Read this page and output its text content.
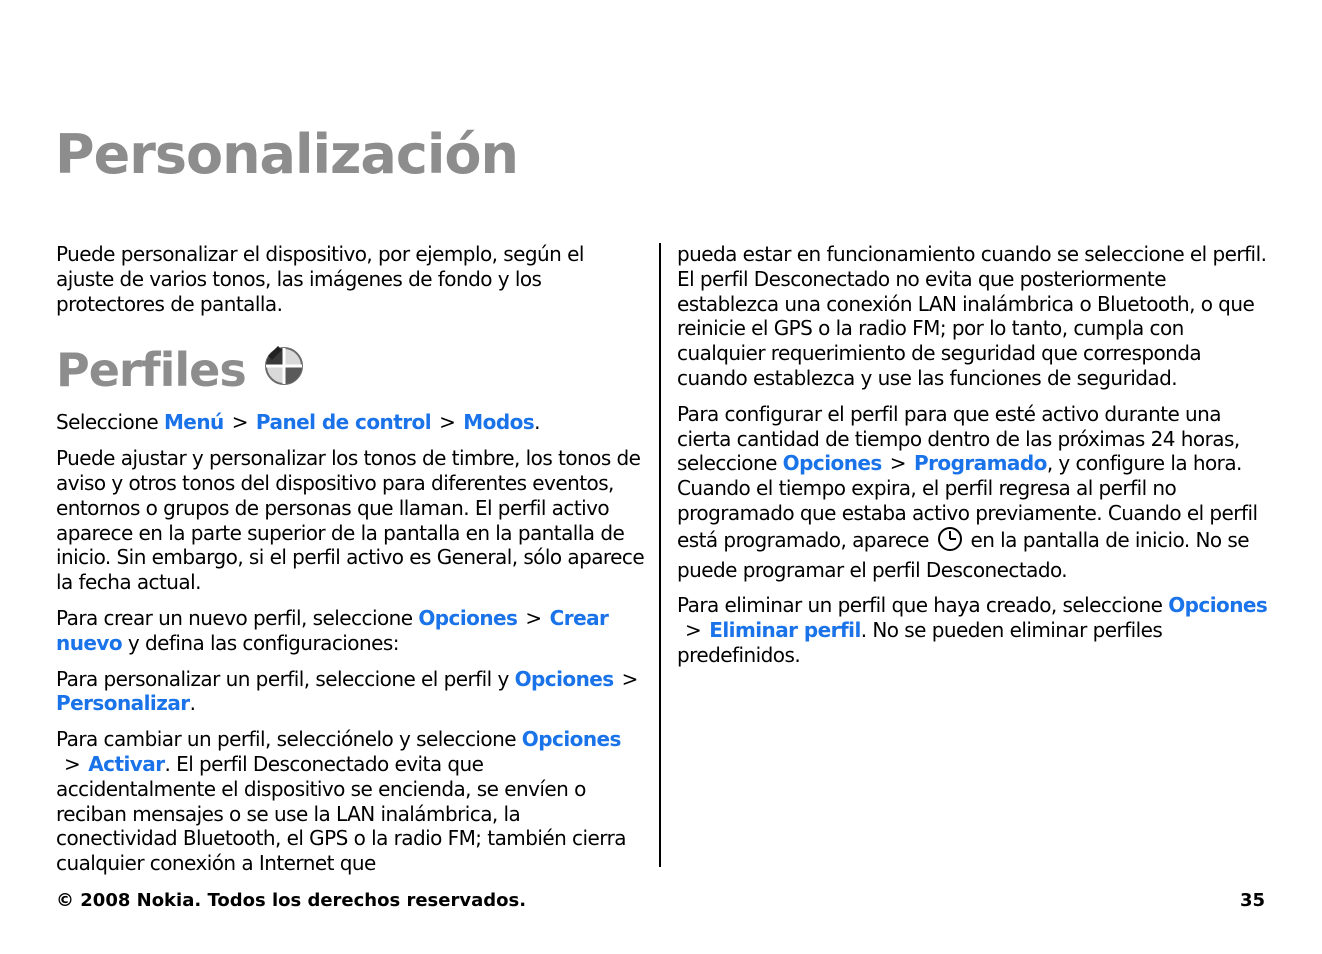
Personalización

Puede personalizar el dispositivo, por ejemplo, según el ajuste de varios tonos, las imágenes de fondo y los protectores de pantalla.

Perfiles

Seleccione Menú > Panel de control > Modos.

Puede ajustar y personalizar los tonos de timbre, los tonos de aviso y otros tonos del dispositivo para diferentes eventos, entornos o grupos de personas que llaman. El perfil activo aparece en la parte superior de la pantalla en la pantalla de inicio. Sin embargo, si el perfil activo es General, sólo aparece la fecha actual.

Para crear un nuevo perfil, seleccione Opciones > Crear nuevo y defina las configuraciones:

Para personalizar un perfil, seleccione el perfil y Opciones >Personalizar.

Para cambiar un perfil, selecciónelo y seleccione Opciones> Activar. El perfil Desconectado evita que accidentalmente el dispositivo se encienda, se envíen o reciban mensajes o se use la LAN inalámbrica, la conectividad Bluetooth, el GPS o la radio FM; también cierra cualquier conexión a Internet que

pueda estar en funcionamiento cuando se seleccione el perfil. El perfil Desconectado no evita que posteriormente establezca una conexión LAN inalámbrica o Bluetooth, o que reinicie el GPS o la radio FM; por lo tanto, cumpla con cualquier requerimiento de seguridad que corresponda cuando establezca y use las funciones de seguridad.

Para configurar el perfil para que esté activo durante una cierta cantidad de tiempo dentro de las próximas 24 horas, seleccione Opciones > Programado, y configure la hora. Cuando el tiempo expira, el perfil regresa al perfil no programado que estaba activo previamente. Cuando el perfil está programado, aparece en la pantalla de inicio. No se puede programar el perfil Desconectado.

Para eliminar un perfil que haya creado, seleccione Opciones> Eliminar perfil. No se pueden eliminar perfiles predefinidos.

© 2008 Nokia. Todos los derechos reservados.	35
